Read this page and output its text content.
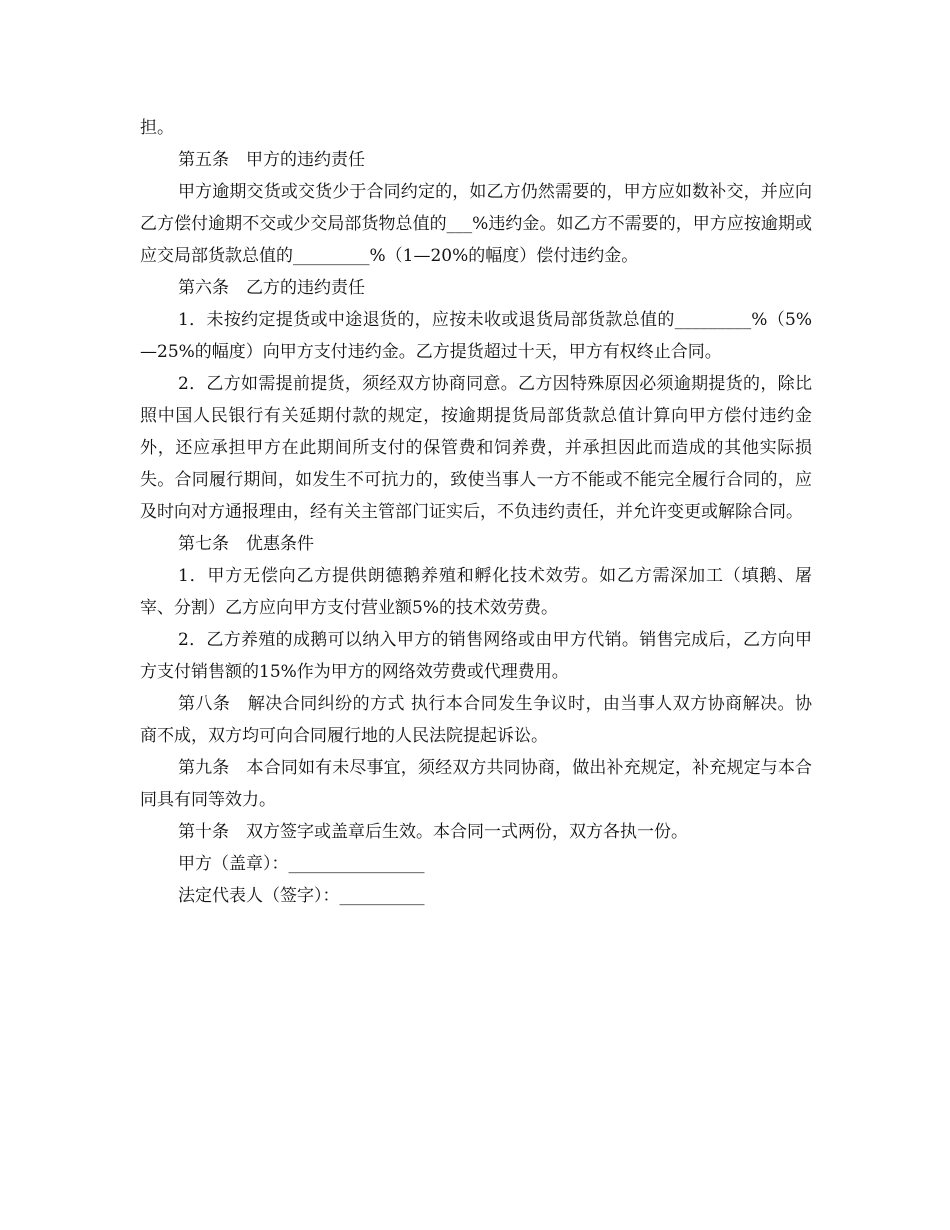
担。

第五条　甲方的违约责任

甲方逾期交货或交货少于合同约定的，如乙方仍然需要的，甲方应如数补交，并应向乙方偿付逾期不交或少交局部货物总值的___%违约金。如乙方不需要的，甲方应按逾期或应交局部货款总值的_________%（1—20%的幅度）偿付违约金。

第六条　乙方的违约责任

1．未按约定提货或中途退货的，应按未收或退货局部货款总值的_________%（5%—25%的幅度）向甲方支付违约金。乙方提货超过十天，甲方有权终止合同。

2．乙方如需提前提货，须经双方协商同意。乙方因特殊原因必须逾期提货的，除比照中国人民银行有关延期付款的规定，按逾期提货局部货款总值计算向甲方偿付违约金外，还应承担甲方在此期间所支付的保管费和饲养费，并承担因此而造成的其他实际损失。合同履行期间，如发生不可抗力的，致使当事人一方不能或不能完全履行合同的，应及时向对方通报理由，经有关主管部门证实后，不负违约责任，并允许变更或解除合同。

第七条　优惠条件

1．甲方无偿向乙方提供朗德鹅养殖和孵化技术效劳。如乙方需深加工（填鹅、屠宰、分割）乙方应向甲方支付营业额5%的技术效劳费。

2．乙方养殖的成鹅可以纳入甲方的销售网络或由甲方代销。销售完成后，乙方向甲方支付销售额的15%作为甲方的网络效劳费或代理费用。

第八条　解决合同纠纷的方式 执行本合同发生争议时，由当事人双方协商解决。协商不成，双方均可向合同履行地的人民法院提起诉讼。

第九条　本合同如有未尽事宜，须经双方共同协商，做出补充规定，补充规定与本合同具有同等效力。

第十条　双方签字或盖章后生效。本合同一式两份，双方各执一份。

甲方（盖章）：________________

法定代表人（签字）：__________
